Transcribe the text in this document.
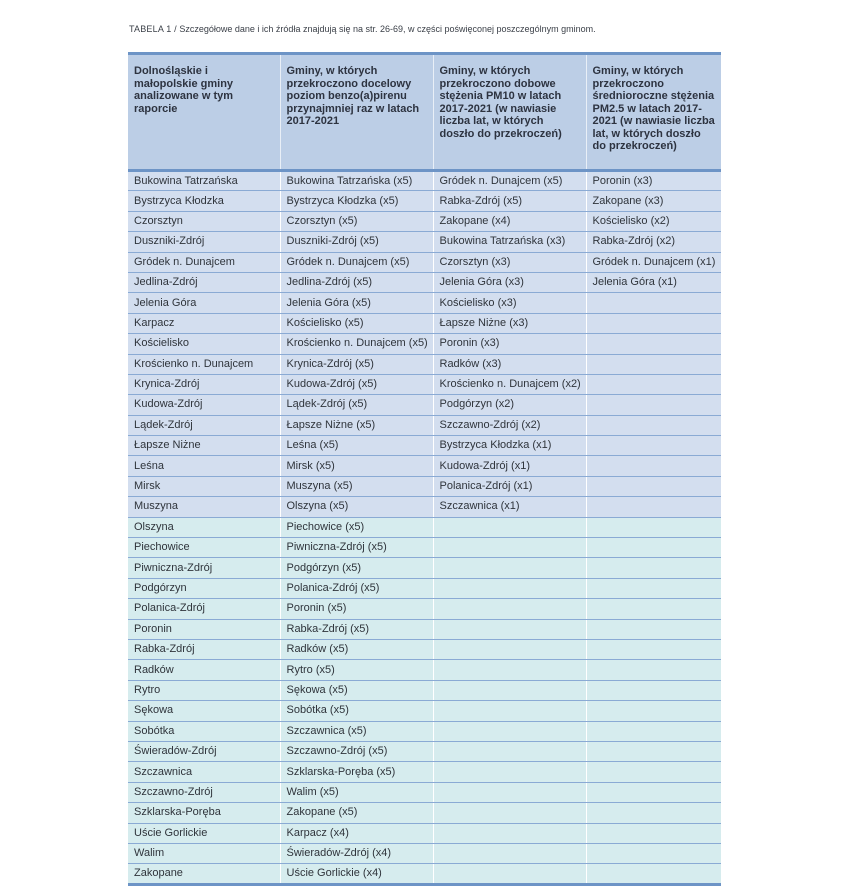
TABELA 1 / Szczegółowe dane i ich źródła znajdują się na str. 26-69, w części poświęconej poszczególnym gminom.
Dolnośląskie i małopolskie gminy analizowane w tym raporcie	Gminy, w których przekroczono docelowy poziom benzo(a)pirenu przynajmniej raz w latach 2017-2021	Gminy, w których przekroczono dobowe stężenia PM10 w latach 2017-2021 (w nawiasie liczba lat, w których doszło do przekroczeń)	Gminy, w których przekroczono średnioroczne stężenia PM2.5 w latach 2017-2021 (w nawiasie liczba lat, w których doszło do przekroczeń)
Bukowina Tatrzańska	Bukowina Tatrzańska (x5)	Gródek n. Dunajcem (x5)	Poronin (x3)
Bystrzyca Kłodzka	Bystrzyca Kłodzka (x5)	Rabka-Zdrój (x5)	Zakopane (x3)
Czorsztyn	Czorsztyn (x5)	Zakopane (x4)	Kościelisko (x2)
Duszniki-Zdrój	Duszniki-Zdrój (x5)	Bukowina Tatrzańska (x3)	Rabka-Zdrój (x2)
Gródek n. Dunajcem	Gródek n. Dunajcem (x5)	Czorsztyn (x3)	Gródek n. Dunajcem (x1)
Jedlina-Zdrój	Jedlina-Zdrój (x5)	Jelenia Góra (x3)	Jelenia Góra (x1)
Jelenia Góra	Jelenia Góra (x5)	Kościelisko (x3)	
Karpacz	Kościelisko (x5)	Łapsze Niżne (x3)	
Kościelisko	Krościenko n. Dunajcem (x5)	Poronin (x3)	
Krościenko n. Dunajcem	Krynica-Zdrój (x5)	Radków (x3)	
Krynica-Zdrój	Kudowa-Zdrój (x5)	Krościenko n. Dunajcem (x2)	
Kudowa-Zdrój	Lądek-Zdrój (x5)	Podgórzyn (x2)	
Lądek-Zdrój	Łapsze Niżne (x5)	Szczawno-Zdrój (x2)	
Łapsze Niżne	Leśna (x5)	Bystrzyca Kłodzka (x1)	
Leśna	Mirsk (x5)	Kudowa-Zdrój (x1)	
Mirsk	Muszyna (x5)	Polanica-Zdrój (x1)	
Muszyna	Olszyna (x5)	Szczawnica (x1)	
Olszyna	Piechowice (x5)		
Piechowice	Piwniczna-Zdrój (x5)		
Piwniczna-Zdrój	Podgórzyn (x5)		
Podgórzyn	Polanica-Zdrój (x5)		
Polanica-Zdrój	Poronin (x5)		
Poronin	Rabka-Zdrój (x5)		
Rabka-Zdrój	Radków (x5)		
Radków	Rytro (x5)		
Rytro	Sękowa (x5)		
Sękowa	Sobótka (x5)		
Sobótka	Szczawnica (x5)		
Świeradów-Zdrój	Szczawno-Zdrój (x5)		
Szczawnica	Szklarska-Poręba (x5)		
Szczawno-Zdrój	Walim (x5)		
Szklarska-Poręba	Zakopane (x5)		
Uście Gorlickie	Karpacz (x4)		
Walim	Świeradów-Zdrój (x4)		
Zakopane	Uście Gorlickie (x4)		
